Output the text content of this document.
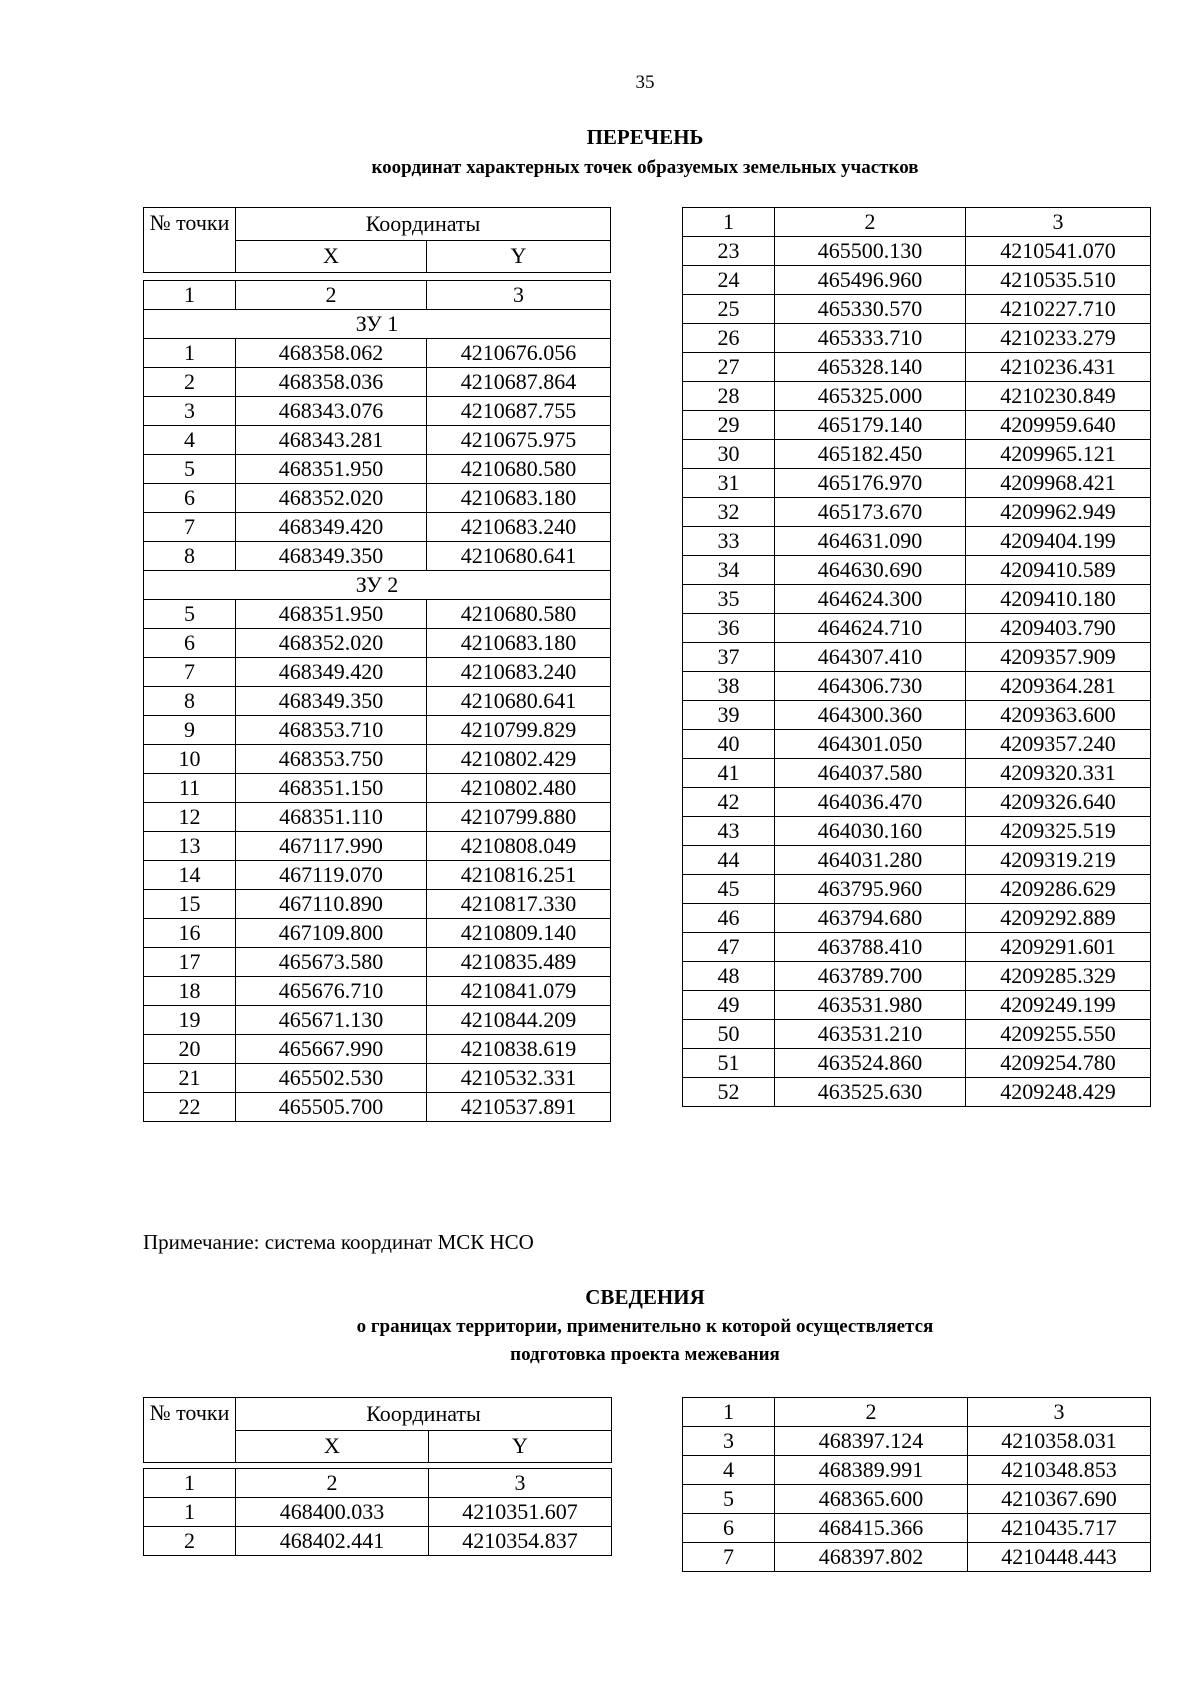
35
ПЕРЕЧЕНЬ
координат характерных точек образуемых земельных участков
№ точки	Координаты	
	X	Y
1	2	3
ЗУ 1		
1	468358.062	4210676.056
2	468358.036	4210687.864
3	468343.076	4210687.755
4	468343.281	4210675.975
5	468351.950	4210680.580
6	468352.020	4210683.180
7	468349.420	4210683.240
8	468349.350	4210680.641
ЗУ 2		
5	468351.950	4210680.580
6	468352.020	4210683.180
7	468349.420	4210683.240
8	468349.350	4210680.641
9	468353.710	4210799.829
10	468353.750	4210802.429
11	468351.150	4210802.480
12	468351.110	4210799.880
13	467117.990	4210808.049
14	467119.070	4210816.251
15	467110.890	4210817.330
16	467109.800	4210809.140
17	465673.580	4210835.489
18	465676.710	4210841.079
19	465671.130	4210844.209
20	465667.990	4210838.619
21	465502.530	4210532.331
22	465505.700	4210537.891
1	2	3
23	465500.130	4210541.070
24	465496.960	4210535.510
25	465330.570	4210227.710
26	465333.710	4210233.279
27	465328.140	4210236.431
28	465325.000	4210230.849
29	465179.140	4209959.640
30	465182.450	4209965.121
31	465176.970	4209968.421
32	465173.670	4209962.949
33	464631.090	4209404.199
34	464630.690	4209410.589
35	464624.300	4209410.180
36	464624.710	4209403.790
37	464307.410	4209357.909
38	464306.730	4209364.281
39	464300.360	4209363.600
40	464301.050	4209357.240
41	464037.580	4209320.331
42	464036.470	4209326.640
43	464030.160	4209325.519
44	464031.280	4209319.219
45	463795.960	4209286.629
46	463794.680	4209292.889
47	463788.410	4209291.601
48	463789.700	4209285.329
49	463531.980	4209249.199
50	463531.210	4209255.550
51	463524.860	4209254.780
52	463525.630	4209248.429
Примечание: система координат МСК НСО
СВЕДЕНИЯ
о границах территории, применительно к которой осуществляется
подготовка проекта межевания
№ точки	Координаты	
	X	Y
1	2	3
1	468400.033	4210351.607
2	468402.441	4210354.837
1	2	3
3	468397.124	4210358.031
4	468389.991	4210348.853
5	468365.600	4210367.690
6	468415.366	4210435.717
7	468397.802	4210448.443
